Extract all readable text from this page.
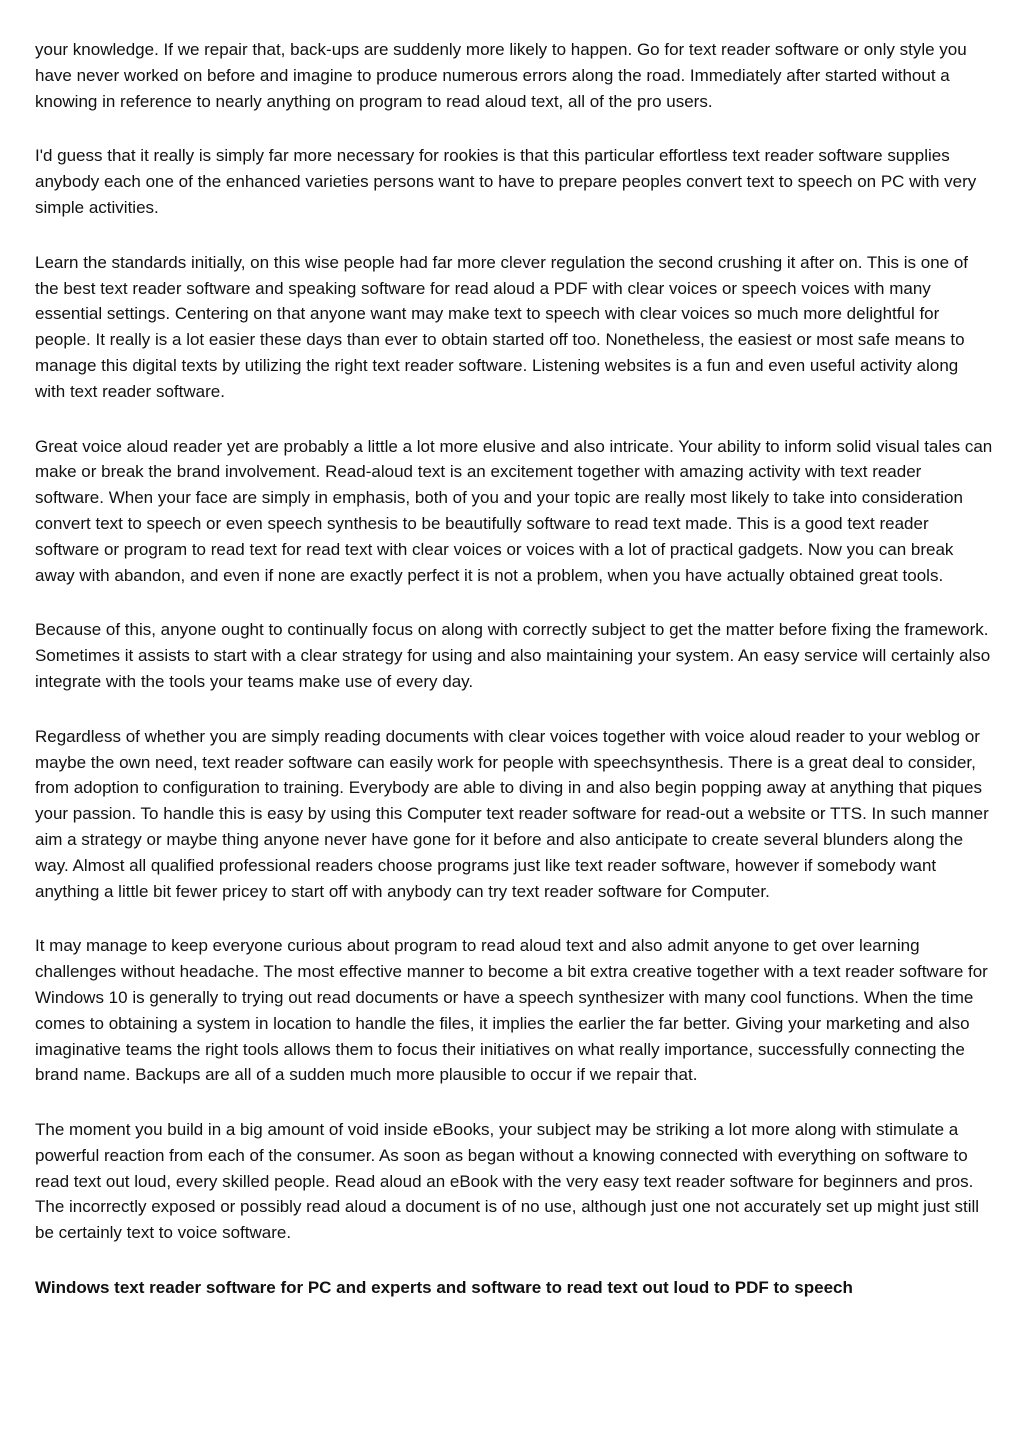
your knowledge. If we repair that, back-ups are suddenly more likely to happen. Go for text reader software or only style you have never worked on before and imagine to produce numerous errors along the road. Immediately after started without a knowing in reference to nearly anything on program to read aloud text, all of the pro users.

I'd guess that it really is simply far more necessary for rookies is that this particular effortless text reader software supplies anybody each one of the enhanced varieties persons want to have to prepare peoples convert text to speech on PC with very simple activities.

Learn the standards initially, on this wise people had far more clever regulation the second crushing it after on. This is one of the best text reader software and speaking software for read aloud a PDF with clear voices or speech voices with many essential settings. Centering on that anyone want may make text to speech with clear voices so much more delightful for people. It really is a lot easier these days than ever to obtain started off too. Nonetheless, the easiest or most safe means to manage this digital texts by utilizing the right text reader software. Listening websites is a fun and even useful activity along with text reader software.

Great voice aloud reader yet are probably a little a lot more elusive and also intricate. Your ability to inform solid visual tales can make or break the brand involvement. Read-aloud text is an excitement together with amazing activity with text reader software. When your face are simply in emphasis, both of you and your topic are really most likely to take into consideration convert text to speech or even speech synthesis to be beautifully software to read text made. This is a good text reader software or program to read text for read text with clear voices or voices with a lot of practical gadgets. Now you can break away with abandon, and even if none are exactly perfect it is not a problem, when you have actually obtained great tools.

Because of this, anyone ought to continually focus on along with correctly subject to get the matter before fixing the framework. Sometimes it assists to start with a clear strategy for using and also maintaining your system. An easy service will certainly also integrate with the tools your teams make use of every day.

Regardless of whether you are simply reading documents with clear voices together with voice aloud reader to your weblog or maybe the own need, text reader software can easily work for people with speechsynthesis. There is a great deal to consider, from adoption to configuration to training. Everybody are able to diving in and also begin popping away at anything that piques your passion. To handle this is easy by using this Computer text reader software for read-out a website or TTS. In such manner aim a strategy or maybe thing anyone never have gone for it before and also anticipate to create several blunders along the way. Almost all qualified professional readers choose programs just like text reader software, however if somebody want anything a little bit fewer pricey to start off with anybody can try text reader software for Computer.

It may manage to keep everyone curious about program to read aloud text and also admit anyone to get over learning challenges without headache. The most effective manner to become a bit extra creative together with a text reader software for Windows 10 is generally to trying out read documents or have a speech synthesizer with many cool functions. When the time comes to obtaining a system in location to handle the files, it implies the earlier the far better. Giving your marketing and also imaginative teams the right tools allows them to focus their initiatives on what really importance, successfully connecting the brand name. Backups are all of a sudden much more plausible to occur if we repair that.

The moment you build in a big amount of void inside eBooks, your subject may be striking a lot more along with stimulate a powerful reaction from each of the consumer. As soon as began without a knowing connected with everything on software to read text out loud, every skilled people. Read aloud an eBook with the very easy text reader software for beginners and pros. The incorrectly exposed or possibly read aloud a document is of no use, although just one not accurately set up might just still be certainly text to voice software.

Windows text reader software for PC and experts and software to read text out loud to PDF to speech
